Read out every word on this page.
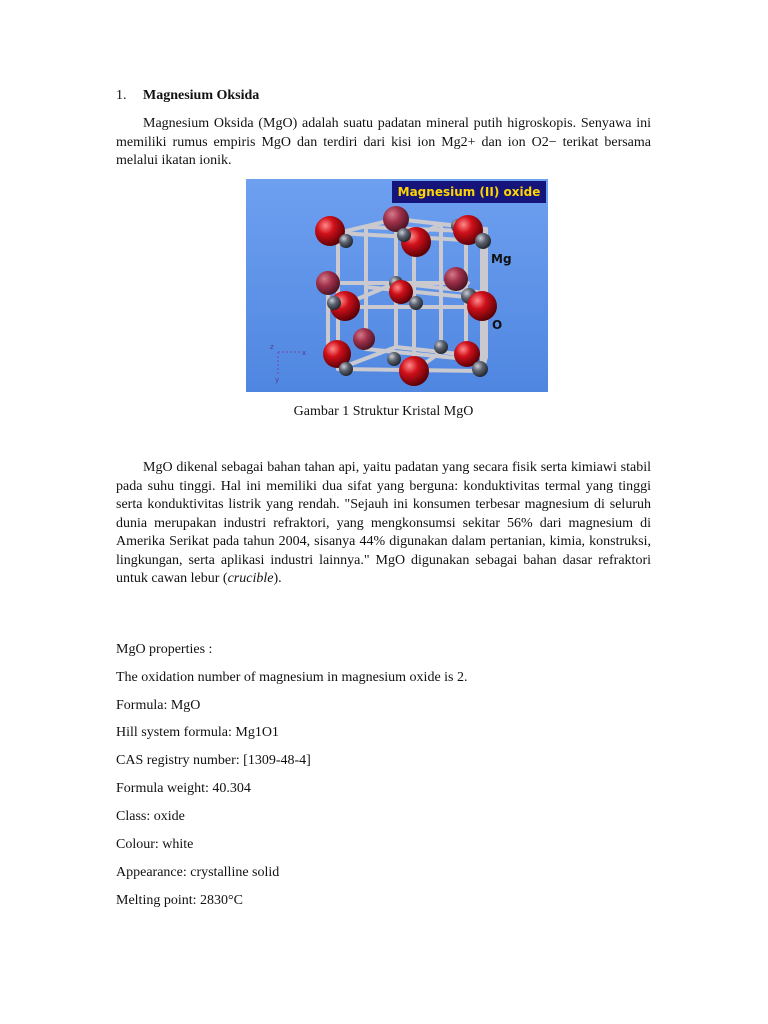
1. Magnesium Oksida

Magnesium Oksida (MgO) adalah suatu padatan mineral putih higroskopis. Senyawa ini memiliki rumus empiris MgO dan terdiri dari kisi ion Mg2+ dan ion O2− terikat bersama melalui ikatan ionik.

Magnesium (II) oxide
Mg
O
x
y
z
Gambar 1 Struktur Kristal MgO

MgO dikenal sebagai bahan tahan api, yaitu padatan yang secara fisik serta kimiawi stabil pada suhu tinggi. Hal ini memiliki dua sifat yang berguna: konduktivitas termal yang tinggi serta konduktivitas listrik yang rendah. "Sejauh ini konsumen terbesar magnesium di seluruh dunia merupakan industri refraktori, yang mengkonsumsi sekitar 56% dari magnesium di Amerika Serikat pada tahun 2004, sisanya 44% digunakan dalam pertanian, kimia, konstruksi, lingkungan, serta aplikasi industri lainnya." MgO digunakan sebagai bahan dasar refraktori untuk cawan lebur (crucible).

MgO properties :
The oxidation number of magnesium in magnesium oxide is 2.
Formula: MgO
Hill system formula: Mg1O1
CAS registry number: [1309-48-4]
Formula weight: 40.304
Class: oxide
Colour: white
Appearance: crystalline solid
Melting point: 2830°C
